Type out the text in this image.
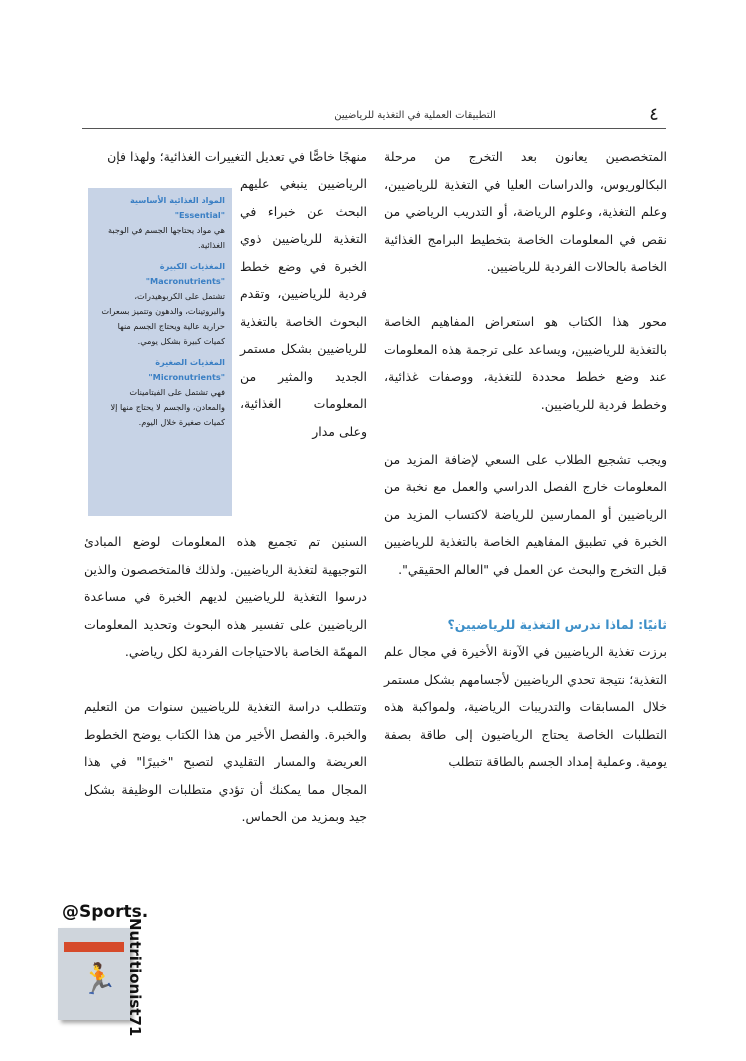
٤
التطبيقات العملية في التغذية للرياضيين

المتخصصين يعانون بعد التخرج من مرحلة البكالوريوس، والدراسات العليا في التغذية للرياضيين، وعلم التغذية، وعلوم الرياضة، أو التدريب الرياضي من نقص في المعلومات الخاصة بتخطيط البرامج الغذائية الخاصة بالحالات الفردية للرياضيين.

محور هذا الكتاب هو استعراض المفاهيم الخاصة بالتغذية للرياضيين، ويساعد على ترجمة هذه المعلومات عند وضع خطط محددة للتغذية، ووصفات غذائية، وخطط فردية للرياضيين.

ويجب تشجيع الطلاب على السعي لإضافة المزيد من المعلومات خارج الفصل الدراسي والعمل مع نخبة من الرياضيين أو الممارسين للرياضة لاكتساب المزيد من الخبرة في تطبيق المفاهيم الخاصة بالتغذية للرياضيين قبل التخرج والبحث عن العمل في "العالم الحقيقي".

ثانيًا: لماذا ندرس التغذية للرياضيين؟

برزت تغذية الرياضيين في الآونة الأخيرة في مجال علم التغذية؛ نتيجة تحدي الرياضيين لأجسامهم بشكل مستمر خلال المسابقات والتدريبات الرياضية، ولمواكبة هذه التطلبات الخاصة يحتاج الرياضيون إلى طاقة بصفة يومية. وعملية إمداد الجسم بالطاقة تتطلب

منهجًا خاصًّا في تعديل التغييرات الغذائية؛ ولهذا فإن

الرياضيين ينبغي عليهم البحث عن خبراء في التغذية للرياضيين ذوي الخبرة في وضع خطط فردية للرياضيين، وتقدم البحوث الخاصة بالتغذية للرياضيين بشكل مستمر الجديد والمثير من المعلومات الغذائية، وعلى مدار

المواد الغذائية الأساسية
"Essential"
هي مواد يحتاجها الجسم في الوجبة الغذائية.
المغذيات الكبيرة
"Macronutrients"
تشتمل على الكربوهيدرات، والبروتينات، والدهون وتتميز بسعرات حرارية عالية ويحتاج الجسم منها كميات كبيرة بشكل يومي.
المغذيات الصغيرة
"Micronutrients"
فهي تشتمل على الفيتامينات والمعادن، والجسم لا يحتاج منها إلا كميات صغيرة خلال اليوم.

السنين تم تجميع هذه المعلومات لوضع المبادئ التوجيهية لتغذية الرياضيين. ولذلك فالمتخصصون والذين درسوا التغذية للرياضيين لديهم الخبرة في مساعدة الرياضيين على تفسير هذه البحوث وتحديد المعلومات المهمّة الخاصة بالاحتياجات الفردية لكل رياضي.

وتتطلب دراسة التغذية للرياضيين سنوات من التعليم والخبرة. والفصل الأخير من هذا الكتاب يوضح الخطوط العريضة والمسار التقليدي لتصبح "خبيرًا" في هذا المجال مما يمكنك أن تؤدي متطلبات الوظيفة بشكل جيد وبمزيد من الحماس.

🏃
@Sports.
Nutritionist71
